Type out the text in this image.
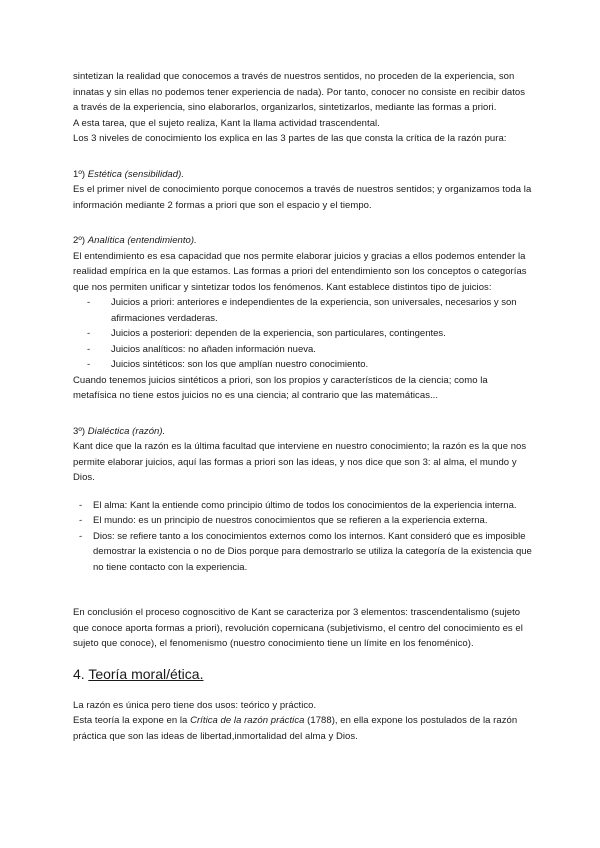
sintetizan la realidad que conocemos a través de nuestros sentidos, no proceden de la experiencia, son innatas y sin ellas no podemos tener experiencia de nada). Por tanto, conocer no consiste en recibir datos a través de la experiencia, sino elaborarlos, organizarlos, sintetizarlos, mediante las formas a priori.

A esta tarea, que el sujeto realiza, Kant la llama actividad trascendental.

Los 3 niveles de conocimiento los explica en las 3 partes de las que consta la crítica de la razón pura:

1º) Estética (sensibilidad).

Es el primer nivel de conocimiento porque conocemos a través de nuestros sentidos; y organizamos toda la información mediante 2 formas a priori que son el espacio y el tiempo.

2º) Analítica (entendimiento).

El entendimiento es esa capacidad que nos permite elaborar juicios y gracias a ellos podemos entender la realidad empírica en la que estamos. Las formas a priori del entendimiento son los conceptos o categorías que nos permiten unificar y sintetizar todos los fenómenos. Kant establece distintos tipo de juicios:

- Juicios a priori: anteriores e independientes de la experiencia, son universales, necesarios y son afirmaciones verdaderas.
- Juicios a posteriori: dependen de la experiencia, son particulares, contingentes.
- Juicios analíticos: no añaden información nueva.
- Juicios sintéticos: son los que amplían nuestro conocimiento.

Cuando tenemos juicios sintéticos a priori, son los propios y característicos de la ciencia; como la metafísica no tiene estos juicios no es una ciencia; al contrario que las matemáticas...

3º) Dialéctica (razón).

Kant dice que la razón es la última facultad que interviene en nuestro conocimiento; la razón es la que nos permite elaborar juicios, aquí las formas a priori son las ideas, y nos dice que son 3: al alma, el mundo y Dios.

- El alma: Kant la entiende como principio último de todos los conocimientos de la experiencia interna.
- El mundo: es un principio de nuestros conocimientos que se refieren a la experiencia externa.
- Dios: se refiere tanto a los conocimientos externos como los internos. Kant consideró que es imposible demostrar la existencia o no de Dios porque para demostrarlo se utiliza la categoría de la existencia que no tiene contacto con la experiencia.

En conclusión el proceso cognoscitivo de Kant se caracteriza por 3 elementos: trascendentalismo (sujeto que conoce aporta formas a priori), revolución copernicana (subjetivismo, el centro del conocimiento es el sujeto que conoce), el fenomenismo (nuestro conocimiento tiene un límite en los fenoménico).

4. Teoría moral/ética.

La razón es única pero tiene dos usos: teórico y práctico.

Esta teoría la expone en la Crítica de la razón práctica (1788), en ella expone los postulados de la razón práctica que son las ideas de libertad,inmortalidad del alma y Dios.
